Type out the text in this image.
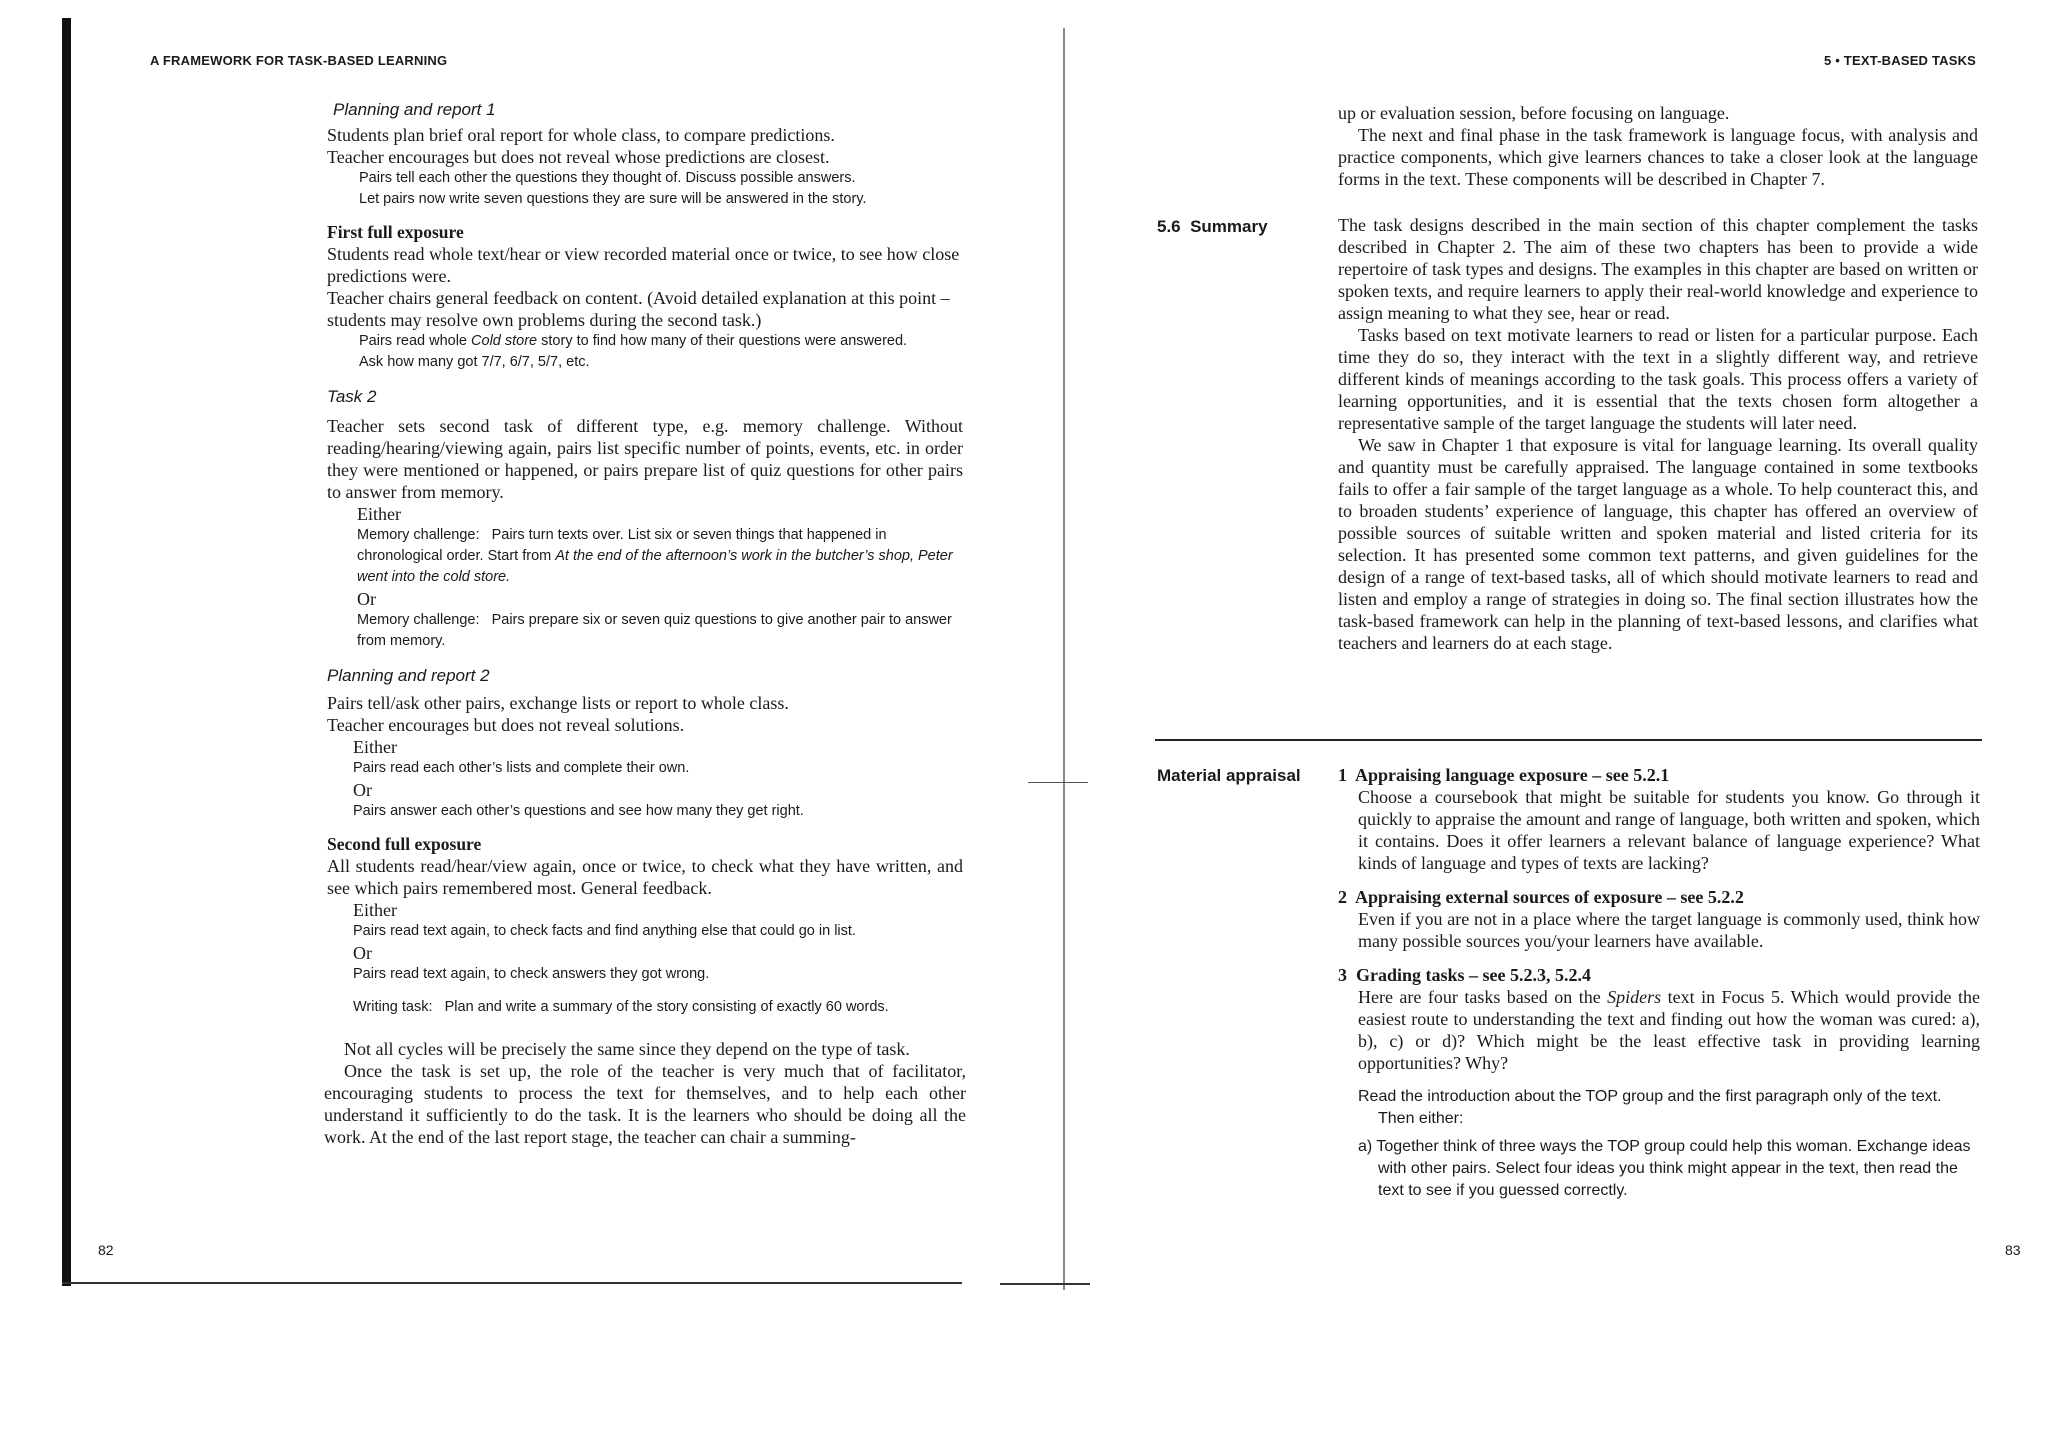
A FRAMEWORK FOR TASK-BASED LEARNING
Planning and report 1

Students plan brief oral report for whole class, to compare predictions.

Teacher encourages but does not reveal whose predictions are closest.

Pairs tell each other the questions they thought of. Discuss possible answers.

Let pairs now write seven questions they are sure will be answered in the story.

First full exposure

Students read whole text/hear or view recorded material once or twice, to see how close predictions were.

Teacher chairs general feedback on content. (Avoid detailed explanation at this point – students may resolve own problems during the second task.)

Pairs read whole Cold store story to find how many of their questions were answered.

Ask how many got 7/7, 6/7, 5/7, etc.

Task 2
Teacher sets second task of different type, e.g. memory challenge. Without reading/hearing/viewing again, pairs list specific number of points, events, etc. in order they were mentioned or happened, or pairs prepare list of quiz questions for other pairs to answer from memory.
Either

Memory challenge: Pairs turn texts over. List six or seven things that happened in chronological order. Start from At the end of the afternoon’s work in the butcher’s shop, Peter went into the cold store.

Or

Memory challenge: Pairs prepare six or seven quiz questions to give another pair to answer from memory.

Planning and report 2

Pairs tell/ask other pairs, exchange lists or report to whole class.

Teacher encourages but does not reveal solutions.

Either

Pairs read each other’s lists and complete their own.
Or
Pairs answer each other’s questions and see how many they get right.
Second full exposure
All students read/hear/view again, once or twice, to check what they have written, and see which pairs remembered most. General feedback.
Either
Pairs read text again, to check facts and find anything else that could go in list.
Or
Pairs read text again, to check answers they got wrong.
Writing task: Plan and write a summary of the story consisting of exactly 60 words.

Not all cycles will be precisely the same since they depend on the type of task.

Once the task is set up, the role of the teacher is very much that of facilitator, encouraging students to process the text for themselves, and to help each other understand it sufficiently to do the task. It is the learners who should be doing all the work. At the end of the last report stage, the teacher can chair a summing-

82
5 • TEXT-BASED TASKS

up or evaluation session, before focusing on language.

The next and final phase in the task framework is language focus, with analysis and practice components, which give learners chances to take a closer look at the language forms in the text. These components will be described in Chapter 7.

5.6  Summary	The task designs described in the main section of this chapter complement the tasks described in Chapter 2. The aim of these two chapters has been to provide a wide repertoire of task types and designs. The examples in this chapter are based on written or spoken texts, and require learners to apply their real-world knowledge and experience to assign meaning to what they see, hear or read.

Tasks based on text motivate learners to read or listen for a particular purpose. Each time they do so, they interact with the text in a slightly different way, and retrieve different kinds of meanings according to the task goals. This process offers a variety of learning opportunities, and it is essential that the texts chosen form altogether a representative sample of the target language the students will later need.

We saw in Chapter 1 that exposure is vital for language learning. Its overall quality and quantity must be carefully appraised. The language contained in some textbooks fails to offer a fair sample of the target language as a whole. To help counteract this, and to broaden students’ experience of language, this chapter has offered an overview of possible sources of suitable written and spoken material and listed criteria for its selection. It has presented some common text patterns, and given guidelines for the design of a range of text-based tasks, all of which should motivate learners to read and listen and employ a range of strategies in doing so. The final section illustrates how the task-based framework can help in the planning of text-based lessons, and clarifies what teachers and learners do at each stage.

Material appraisal 1  Appraising language exposure – see 5.2.1

Choose a coursebook that might be suitable for students you know. Go through it quickly to appraise the amount and range of language, both written and spoken, which it contains. Does it offer learners a relevant balance of language experience? What kinds of language and types of texts are lacking?

2  Appraising external sources of exposure – see 5.2.2

Even if you are not in a place where the target language is commonly used, think how many possible sources you/your learners have available.

3  Grading tasks – see 5.2.3, 5.2.4

Here are four tasks based on the Spiders text in Focus 5. Which would provide the easiest route to understanding the text and finding out how the woman was cured: a), b), c) or d)? Which might be the least effective task in providing learning opportunities? Why?

Read the introduction about the TOP group and the first paragraph only of the text. Then either:

a) Together think of three ways the TOP group could help this woman. Exchange ideas with other pairs. Select four ideas you think might appear in the text, then read the text to see if you guessed correctly.

83
